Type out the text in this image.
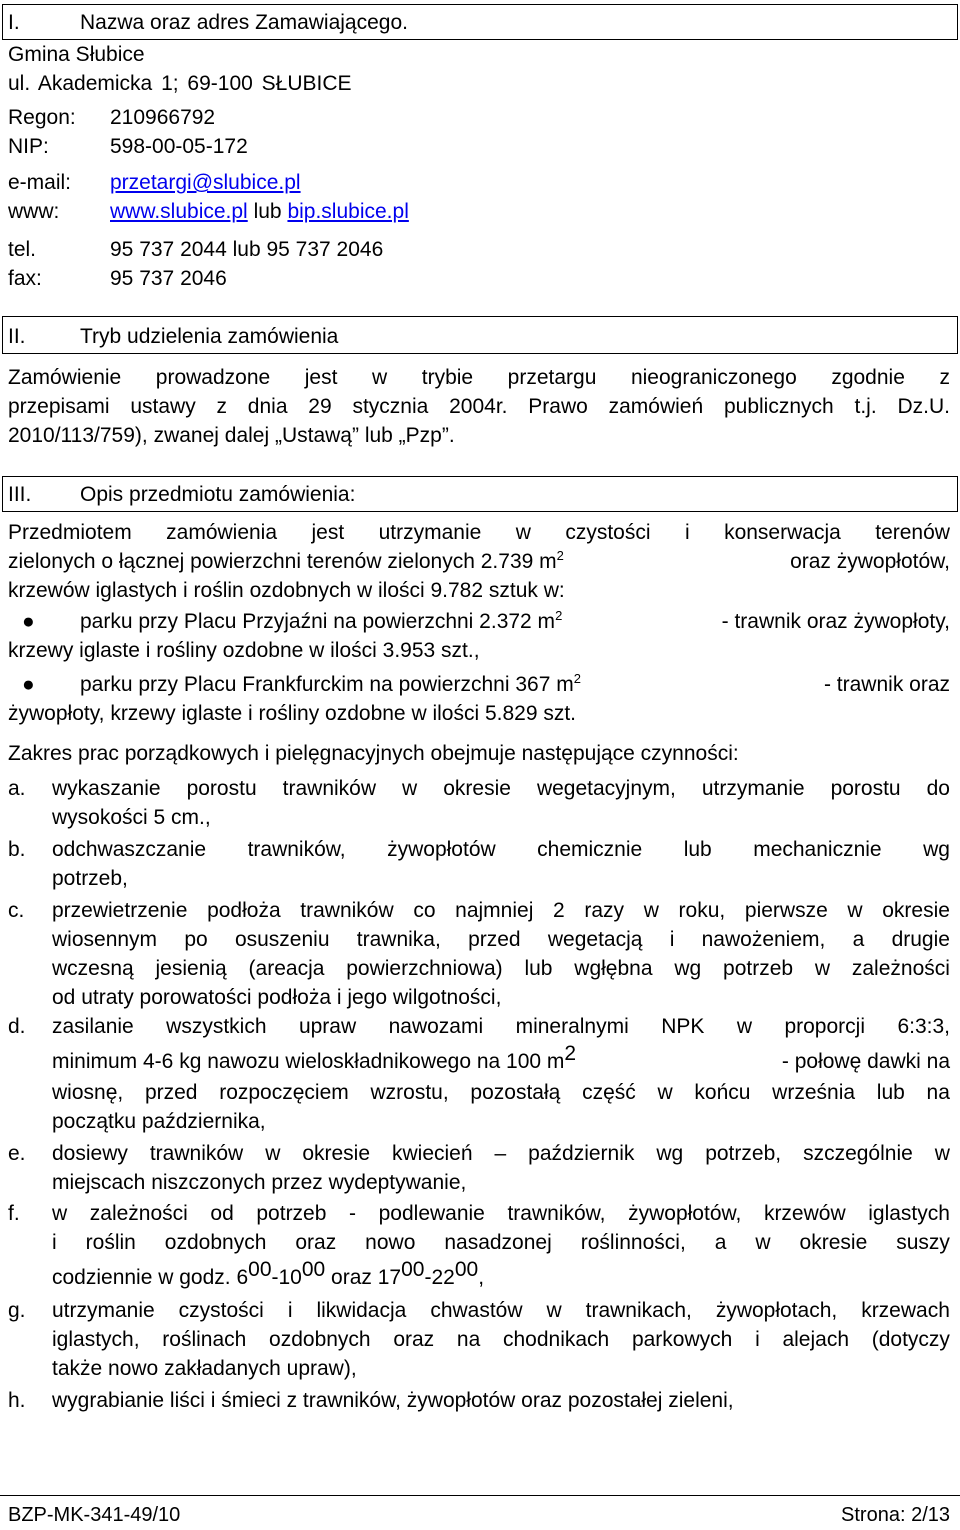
I.	Nazwa oraz adres Zamawiającego.
Gmina Słubice
ul. Akademicka 1; 69-100 SŁUBICE
Regon: 210966792
NIP:	598-00-05-172
e-mail: przetargi@slubice.pl
www: www.slubice.pl lub bip.slubice.pl
tel.	95 737 2044 lub 95 737 2046
fax:	95 737 2046
II.	Tryb udzielenia zamówienia
Zamówienie prowadzone jest w trybie przetargu nieograniczonego zgodnie z
przepisami ustawy z dnia 29 stycznia 2004r. Prawo zamówień publicznych t.j. Dz.U.
2010/113/759), zwanej dalej „Ustawą” lub „Pzp”.
III. Opis przedmiotu zamówienia:
Przedmiotem zamówienia jest utrzymanie w czystości i konserwacja terenów
zielonych o łącznej powierzchni terenów zielonych 2.739 $m^2$	oraz żywopłotów,
krzewów iglastych i roślin ozdobnych w ilości 9.782 sztuk w:
● parku przy Placu Przyjaźni na powierzchni 2.372 $m^2$	- trawnik oraz żywopłoty,
krzewy iglaste i rośliny ozdobne w ilości 3.953 szt.,
● parku przy Placu Frankfurckim na powierzchni 367 $m^2$	- trawnik oraz
żywopłoty, krzewy iglaste i rośliny ozdobne w ilości 5.829 szt.
Zakres prac porządkowych i pielęgnacyjnych obejmuje następujące czynności:
a. wykaszanie porostu trawników w okresie wegetacyjnym, utrzymanie porostu do
wysokości 5 cm.,
b. odchwaszczanie trawników, żywopłotów chemicznie lub mechanicznie wg
potrzeb,
c. przewietrzenie podłoża trawników co najmniej 2 razy w roku, pierwsze w okresie
wiosennym po osuszeniu trawnika, przed wegetacją i nawożeniem, a drugie
wczesną jesienią (areacja powierzchniowa) lub wgłębna wg potrzeb w zależności
od utraty porowatości podłoża i jego wilgotności,
d. zasilanie wszystkich upraw nawozami mineralnymi NPK w proporcji 6:3:3,
minimum 4-6 kg nawozu wieloskładnikowego na 100 $m^2$	- połowę dawki na
wiosnę, przed rozpoczęciem wzrostu, pozostałą część w końcu września lub na
początku października,
e. dosiewy trawników w okresie kwiecień – październik wg potrzeb, szczególnie w
miejscach niszczonych przez wydeptywanie,
f. w zależności od potrzeb - podlewanie trawników, żywopłotów, krzewów iglastych
i roślin ozdobnych oraz nowo nasadzonej roślinności, a w okresie suszy
codziennie w godz. $6^{00}-10^{00}$ oraz $17^{00}-22^{00}$,
g. utrzymanie czystości i likwidacja chwastów w trawnikach, żywopłotach, krzewach
iglastych, roślinach ozdobnych oraz na chodnikach parkowych i alejach (dotyczy
także nowo zakładanych upraw),
h. wygrabianie liści i śmieci z trawników, żywopłotów oraz pozostałej zieleni,
BZP-MK-341-49/10	Strona: 2/13
